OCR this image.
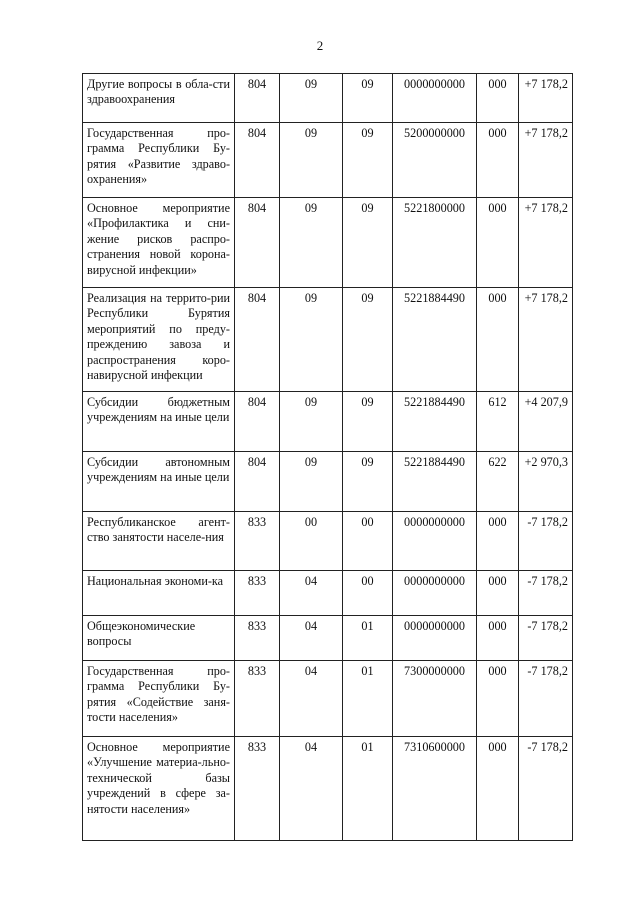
2
Другие вопросы в обла-сти здравоохранения	804	09	09	0000000000	000	+7 178,2

Государственная про-грамма Республики Бу-рятия «Развитие здраво-охранения»	804	09	09	5200000000	000	+7 178,2

Основное мероприятие «Профилактика и сни-жение рисков распро-странения новой корона-вирусной инфекции»	804	09	09	5221800000	000	+7 178,2

Реализация на террито-рии Республики Бурятия мероприятий по преду-преждению завоза и распространения коро-навирусной инфекции	804	09	09	5221884490	000	+7 178,2

Субсидии бюджетным учреждениям на иные цели	804	09	09	5221884490	612	+4 207,9

Субсидии автономным учреждениям на иные цели	804	09	09	5221884490	622	+2 970,3

Республиканское агент-ство занятости населе-ния	833	00	00	0000000000	000	-7 178,2

Национальная экономи-ка	833	04	00	0000000000	000	-7 178,2

Общеэкономические вопросы	833	04	01	0000000000	000	-7 178,2

Государственная про-грамма Республики Бу-рятия «Содействие заня-тости населения»	833	04	01	7300000000	000	-7 178,2

Основное мероприятие «Улучшение материа-льно-технической базы учреждений в сфере за-нятости населения»	833	04	01	7310600000	000	-7 178,2
